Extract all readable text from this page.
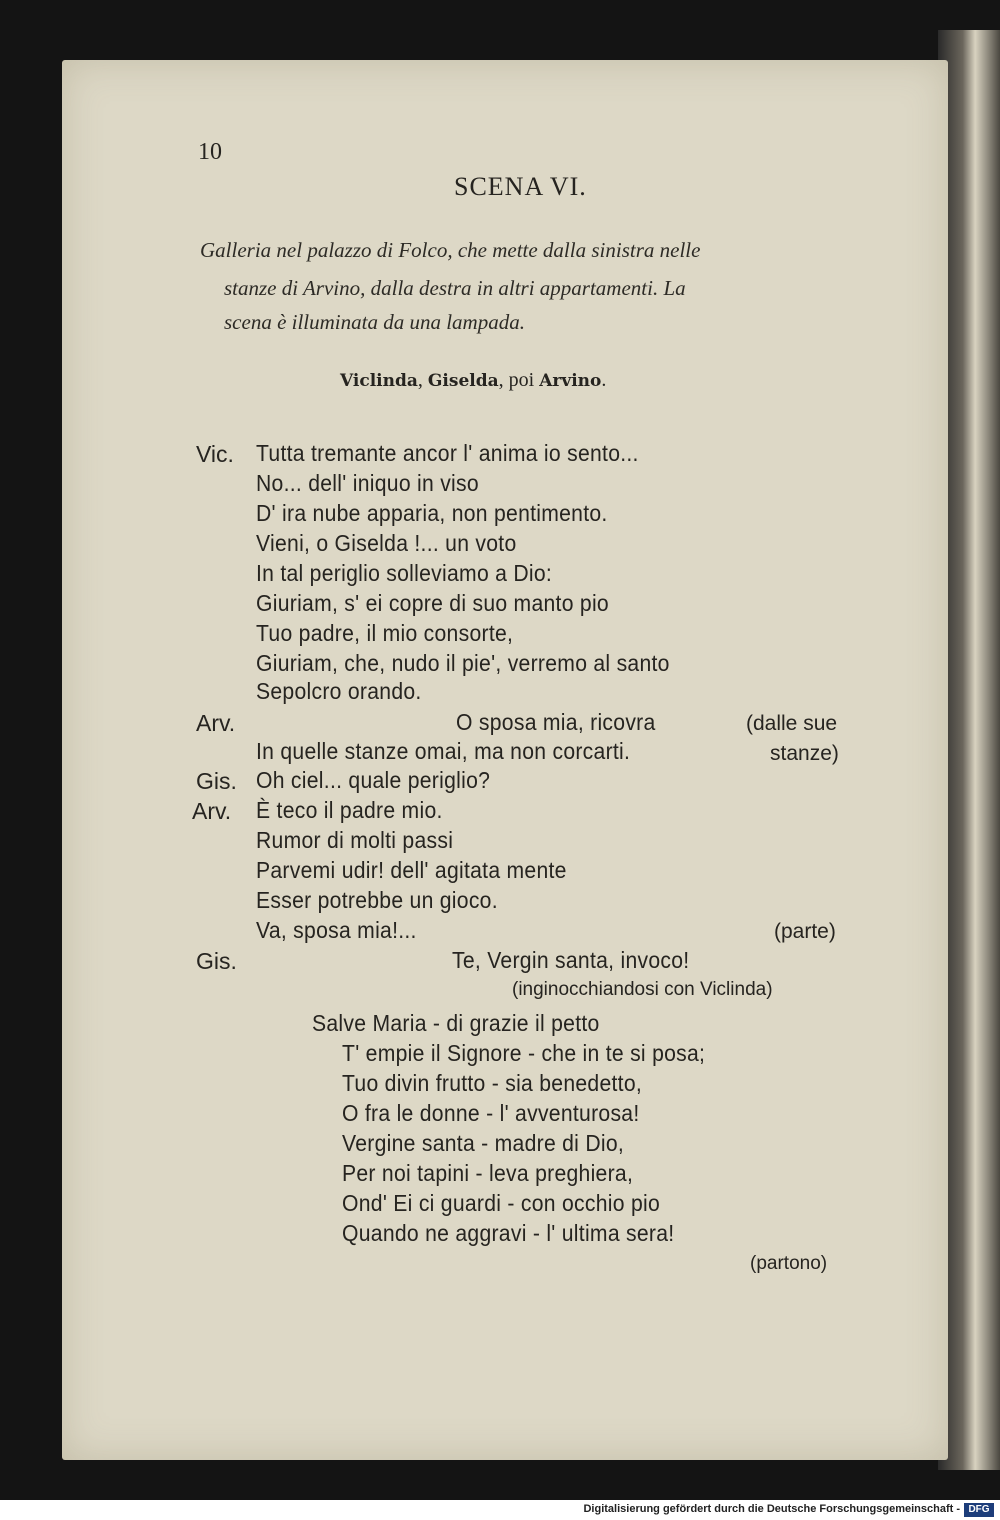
10
SCENA VI.
Galleria nel palazzo di Folco, che mette dalla sinistra nelle
stanze di Arvino, dalla destra in altri appartamenti. La
scena è illuminata da una lampada.
Viclinda, Giselda, poi Arvino.
Vic. Tutta tremante ancor l' anima io sento...
No... dell' iniquo in viso
D' ira nube apparia, non pentimento.
Vieni, o Giselda !... un voto
In tal periglio solleviamo a Dio:
Giuriam, s' ei copre di suo manto pio
Tuo padre, il mio consorte,
Giuriam, che, nudo il pie', verremo al santo
Sepolcro orando.
Arv.	O sposa mia, ricovra	(dalle sue
In quelle stanze omai, ma non corcarti.	stanze)
Gis. Oh ciel... quale periglio?
Arv. È teco il padre mio.
Rumor di molti passi
Parvemi udir! dell' agitata mente
Esser potrebbe un gioco.
Va, sposa mia!...	(parte)
Gis.	Te, Vergin santa, invoco!
(inginocchiandosi con Viclinda)
Salve Maria - di grazie il petto
T' empie il Signore - che in te si posa;
Tuo divin frutto - sia benedetto,
O fra le donne - l' avventurosa!
Vergine santa - madre di Dio,
Per noi tapini - leva preghiera,
Ond' Ei ci guardi - con occhio pio
Quando ne aggravi - l' ultima sera!
(partono)
Digitalisierung gefördert durch die Deutsche Forschungsgemeinschaft - DFG
